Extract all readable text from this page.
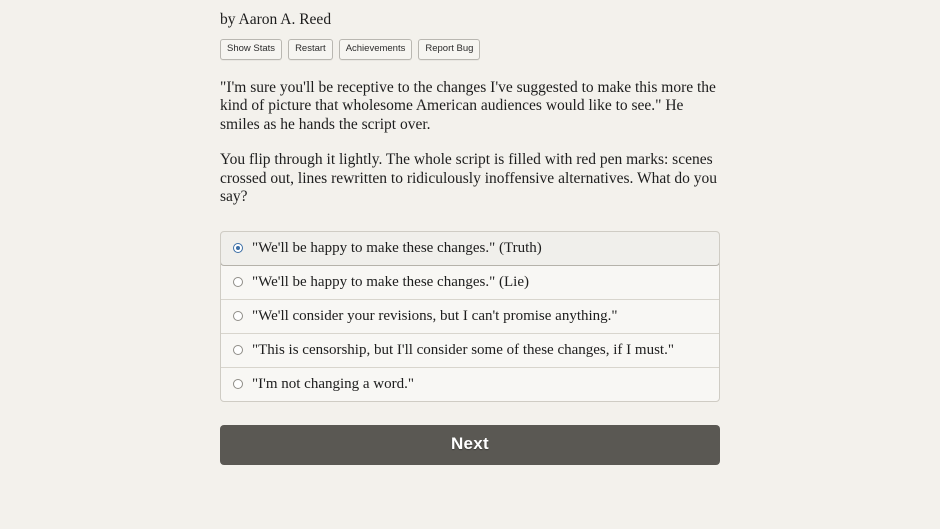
by Aaron A. Reed
Show Stats	Restart	Achievements	Report Bug

"I'm sure you'll be receptive to the changes I've suggested to make this more the kind of picture that wholesome American audiences would like to see." He smiles as he hands the script over.

You flip through it lightly. The whole script is filled with red pen marks: scenes crossed out, lines rewritten to ridiculously inoffensive alternatives. What do you say?

"We'll be happy to make these changes." (Truth)
"We'll be happy to make these changes." (Lie)
"We'll consider your revisions, but I can't promise anything."
"This is censorship, but I'll consider some of these changes, if I must."
"I'm not changing a word."
Next
